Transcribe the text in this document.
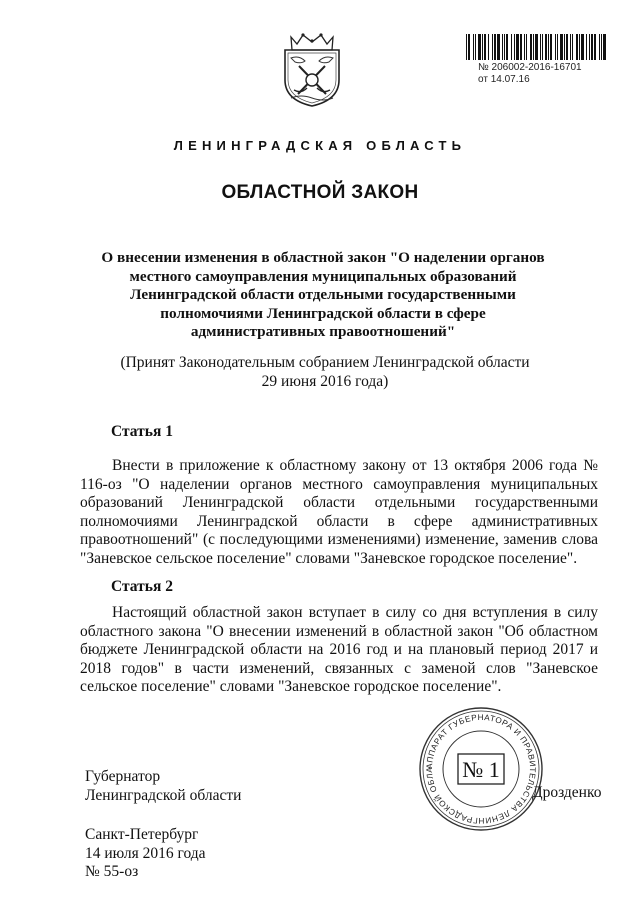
№ 206002-2016-16701
от 14.07.16
ЛЕНИНГРАДСКАЯ ОБЛАСТЬ
ОБЛАСТНОЙ ЗАКОН
О внесении изменения в областной закон "О наделении органов
местного самоуправления муниципальных образований
Ленинградской области отдельными государственными
полномочиями Ленинградской области в сфере
административных правоотношений"
(Принят Законодательным собранием Ленинградской области
29 июня 2016 года)
Статья 1
Внести в приложение к областному закону от 13 октября 2006 года № 116-оз "О наделении органов местного самоуправления муниципальных образований Ленинградской области отдельными государственными полномочиями Ленинградской области в сфере административных правоотношений" (с последующими изменениями) изменение, заменив слова "Заневское сельское поселение" словами "Заневское городское поселение".
Статья 2
Настоящий областной закон вступает в силу со дня вступления в силу областного закона "О внесении изменений в областной закон "Об областном бюджете Ленинградской области на 2016 год и на плановый период 2017 и 2018 годов" в части изменений, связанных с заменой слов "Заневское сельское поселение" словами "Заневское городское поселение".
АППАРАТ ГУБЕРНАТОРА И ПРАВИТЕЛЬСТВА ЛЕНИНГРАДСКОЙ ОБЛА	№ 1
Губернатор
Ленинградской области	Дрозденко
Санкт-Петербург
14 июля 2016 года
№ 55-оз
